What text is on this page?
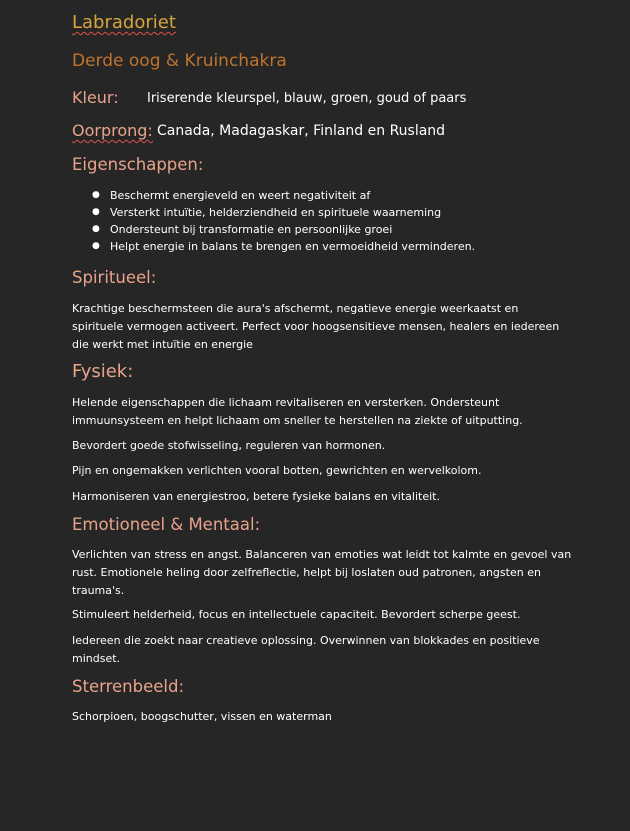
Labradoriet
Derde oog & Kruinchakra
Kleur: Iriserende kleurspel, blauw, groen, goud of paars
Oorprong: Canada, Madagaskar, Finland en Rusland
Eigenschappen:
● Beschermt energieveld en weert negativiteit af
● Versterkt intuïtie, helderziendheid en spirituele waarneming
● Ondersteunt bij transformatie en persoonlijke groei
● Helpt energie in balans te brengen en vermoeidheid verminderen.
Spiritueel:
Krachtige beschermsteen die aura's afschermt, negatieve energie weerkaatst en spirituele vermogen activeert. Perfect voor hoogsensitieve mensen, healers en iedereen die werkt met intuïtie en energie
Fysiek:
Helende eigenschappen die lichaam revitaliseren en versterken. Ondersteunt immuunsysteem en helpt lichaam om sneller te herstellen na ziekte of uitputting.
Bevordert goede stofwisseling, reguleren van hormonen.
Pijn en ongemakken verlichten vooral botten, gewrichten en wervelkolom.
Harmoniseren van energiestroo, betere fysieke balans en vitaliteit.
Emotioneel & Mentaal:
Verlichten van stress en angst. Balanceren van emoties wat leidt tot kalmte en gevoel van rust. Emotionele heling door zelfreflectie, helpt bij loslaten oud patronen, angsten en trauma's.
Stimuleert helderheid, focus en intellectuele capaciteit. Bevordert scherpe geest.
Iedereen die zoekt naar creatieve oplossing. Overwinnen van blokkades en positieve mindset.
Sterrenbeeld:
Schorpioen, boogschutter, vissen en waterman
